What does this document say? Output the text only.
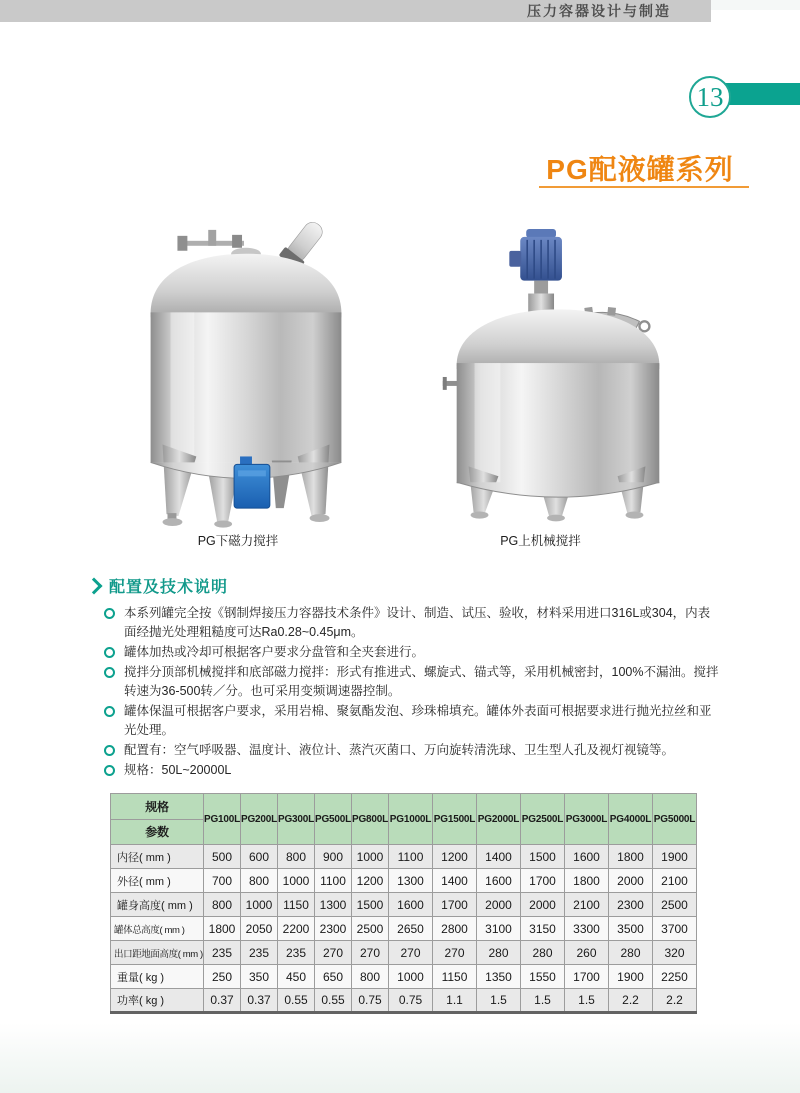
压力容器设计与制造
13
PG配液罐系列
PG下磁力搅拌	PG上机械搅拌
配置及技术说明
本系列罐完全按《钢制焊接压力容器技术条件》设计、制造、试压、验收，材料采用进口316L或304，内表面经抛光处理粗糙度可达Ra0.28~0.45μm。
罐体加热或冷却可根据客户要求分盘管和全夹套进行。
搅拌分顶部机械搅拌和底部磁力搅拌：形式有推进式、螺旋式、锚式等，采用机械密封，100%不漏油。搅拌转速为36-500转／分。也可采用变频调速器控制。
罐体保温可根据客户要求，采用岩棉、聚氨酯发泡、珍珠棉填充。罐体外表面可根据要求进行抛光拉丝和亚光处理。
配置有：空气呼吸器、温度计、液位计、蒸汽灭菌口、万向旋转清洗球、卫生型人孔及视灯视镜等。
规格：50L~20000L
规格
参数	PG100L	PG200L	PG300L	PG500L	PG800L	PG1000L	PG1500L	PG2000L	PG2500L	PG3000L	PG4000L	PG5000L
内径( mm )	500	600	800	900	1000	1100	1200	1400	1500	1600	1800	1900
外径( mm )	700	800	1000	1100	1200	1300	1400	1600	1700	1800	2000	2100
罐身高度( mm )	800	1000	1150	1300	1500	1600	1700	2000	2000	2100	2300	2500
罐体总高度( mm )	1800	2050	2200	2300	2500	2650	2800	3100	3150	3300	3500	3700
出口距地面高度( mm )	235	235	235	270	270	270	270	280	280	260	280	320
重量( kg )	250	350	450	650	800	1000	1150	1350	1550	1700	1900	2250
功率( kg )	0.37	0.37	0.55	0.55	0.75	0.75	1.1	1.5	1.5	1.5	2.2	2.2
